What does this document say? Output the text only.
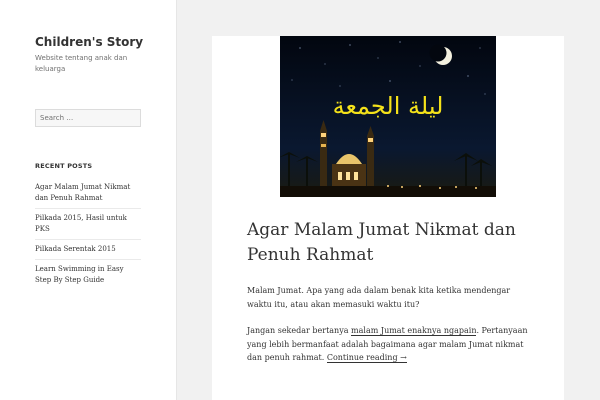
Children's Story
Website tentang anak dan keluarga
Search …
RECENT POSTS
Agar Malam Jumat Nikmat dan Penuh Rahmat
Pilkada 2015, Hasil untuk PKS
Pilkada Serentak 2015
Learn Swimming in Easy Step By Step Guide
ليلة الجمعة
Agar Malam Jumat Nikmat dan Penuh Rahmat

Malam Jumat. Apa yang ada dalam benak kita ketika mendengar waktu itu, atau akan memasuki waktu itu?

Jangan sekedar bertanya malam Jumat enaknya ngapain. Pertanyaan yang lebih bermanfaat adalah bagaimana agar malam Jumat nikmat dan penuh rahmat. Continue reading →
